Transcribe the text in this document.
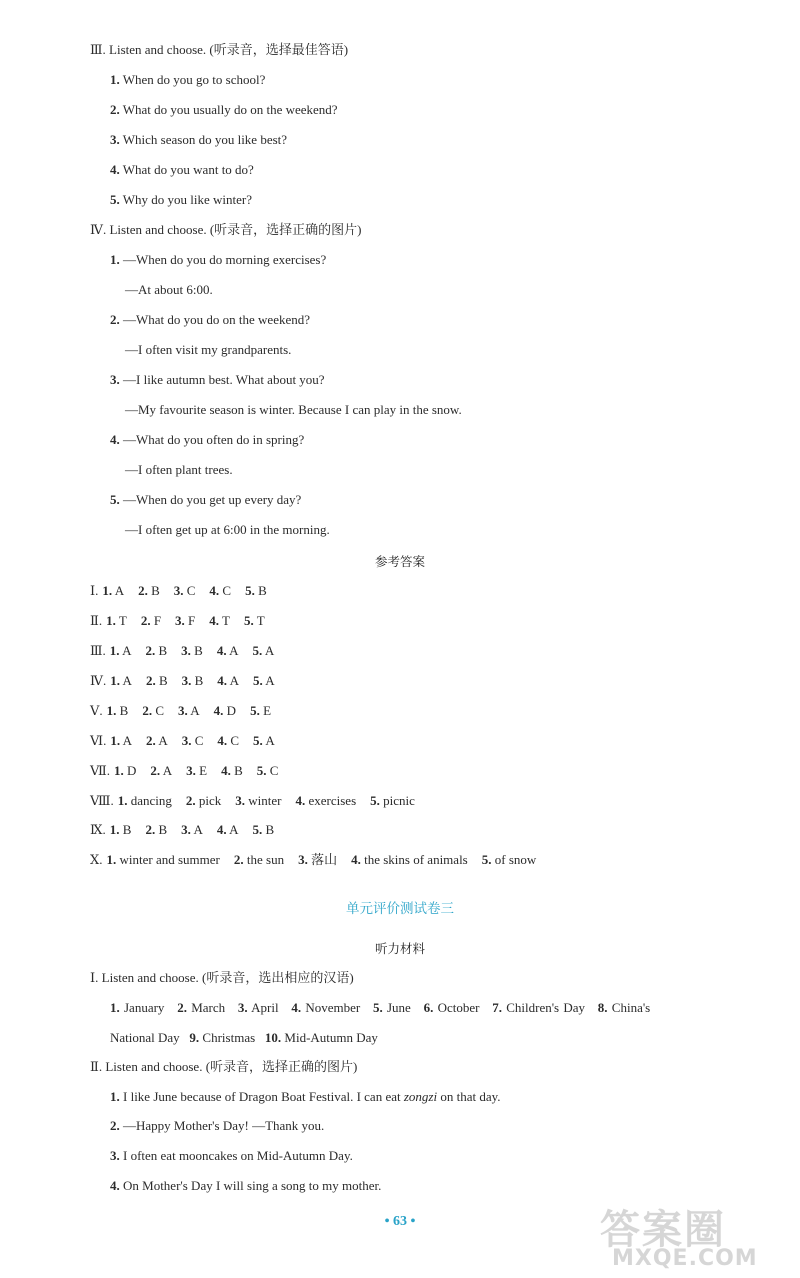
Ⅲ. Listen and choose. (听录音，选择最佳答语)
1. When do you go to school?
2. What do you usually do on the weekend?
3. Which season do you like best?
4. What do you want to do?
5. Why do you like winter?
Ⅳ. Listen and choose. (听录音，选择正确的图片)
1. —When do you do morning exercises?
—At about 6:00.
2. —What do you do on the weekend?
—I often visit my grandparents.
3. —I like autumn best. What about you?
—My favourite season is winter. Because I can play in the snow.
4. —What do you often do in spring?
—I often plant trees.
5. —When do you get up every day?
—I often get up at 6:00 in the morning.
参考答案
Ⅰ. 1. A 2. B 3. C 4. C 5. B
Ⅱ. 1. T 2. F 3. F 4. T 5. T
Ⅲ. 1. A 2. B 3. B 4. A 5. A
Ⅳ. 1. A 2. B 3. B 4. A 5. A
Ⅴ. 1. B 2. C 3. A 4. D 5. E
Ⅵ. 1. A 2. A 3. C 4. C 5. A
Ⅶ. 1. D 2. A 3. E 4. B 5. C
Ⅷ. 1. dancing 2. pick 3. winter 4. exercises 5. picnic
Ⅸ. 1. B 2. B 3. A 4. A 5. B
Ⅹ. 1. winter and summer 2. the sun 3. 落山 4. the skins of animals 5. of snow
单元评价测试卷三
听力材料
Ⅰ. Listen and choose. (听录音，选出相应的汉语)
1. January 2. March 3. April 4. November 5. June 6. October 7. Children's Day 8. China's
National Day 9. Christmas 10. Mid-Autumn Day
Ⅱ. Listen and choose. (听录音，选择正确的图片)
1. I like June because of Dragon Boat Festival. I can eat zongzi on that day.
2. —Happy Mother's Day! —Thank you.
3. I often eat mooncakes on Mid-Autumn Day.
4. On Mother's Day I will sing a song to my mother.
• 63 •	答案圈
MXQE.COM
